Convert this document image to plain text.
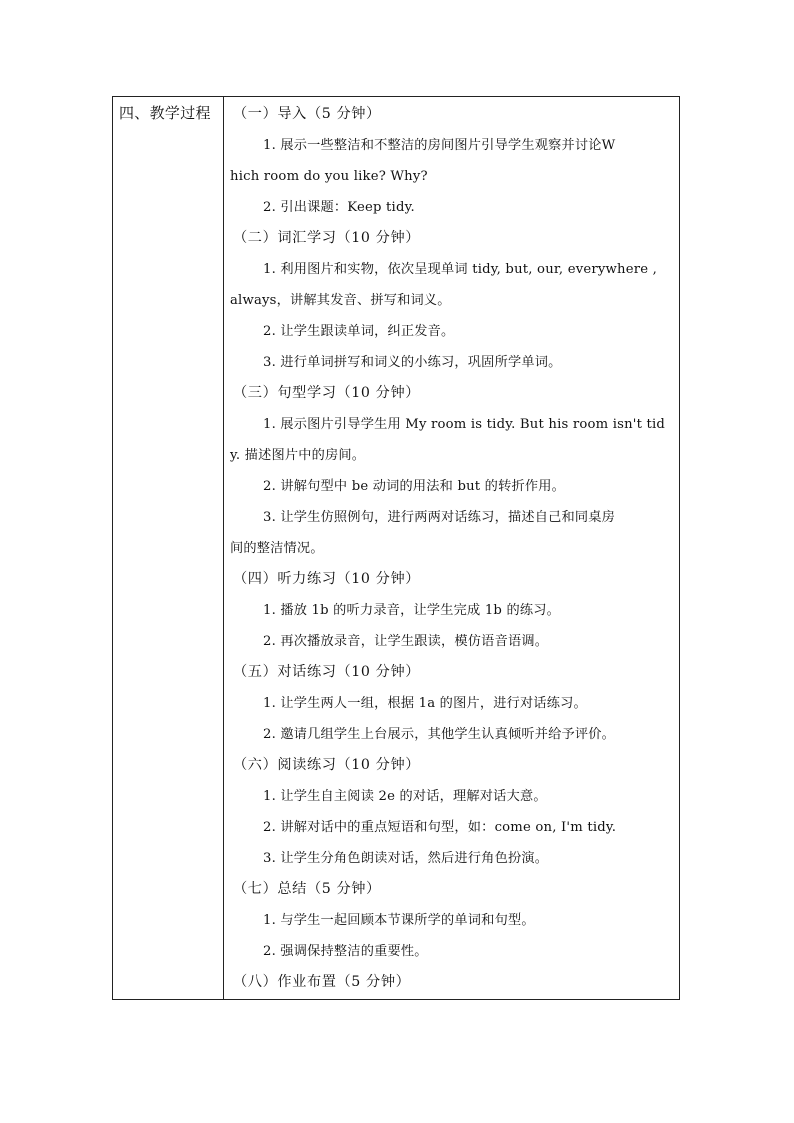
四、教学过程 （一）导入（5 分钟）
1. 展示一些整洁和不整洁的房间图片引导学生观察并讨论W
hich room do you like? Why?
2. 引出课题：Keep tidy.
（二）词汇学习（10 分钟）
1. 利用图片和实物，依次呈现单词 tidy, but, our, everywhere ,
always，讲解其发音、拼写和词义。
2. 让学生跟读单词，纠正发音。
3. 进行单词拼写和词义的小练习，巩固所学单词。
（三）句型学习（10 分钟）
1. 展示图片引导学生用 My room is tidy. But his room isn't tid
y. 描述图片中的房间。
2. 讲解句型中 be 动词的用法和 but 的转折作用。
3. 让学生仿照例句，进行两两对话练习，描述自己和同桌房
间的整洁情况。
（四）听力练习（10 分钟）
1. 播放 1b 的听力录音，让学生完成 1b 的练习。
2. 再次播放录音，让学生跟读，模仿语音语调。
（五）对话练习（10 分钟）
1. 让学生两人一组，根据 1a 的图片，进行对话练习。
2. 邀请几组学生上台展示，其他学生认真倾听并给予评价。
（六）阅读练习（10 分钟）
1. 让学生自主阅读 2e 的对话，理解对话大意。
2. 讲解对话中的重点短语和句型，如：come on, I'm tidy.
3. 让学生分角色朗读对话，然后进行角色扮演。
（七）总结（5 分钟）
1. 与学生一起回顾本节课所学的单词和句型。
2. 强调保持整洁的重要性。
（八）作业布置（5 分钟）
